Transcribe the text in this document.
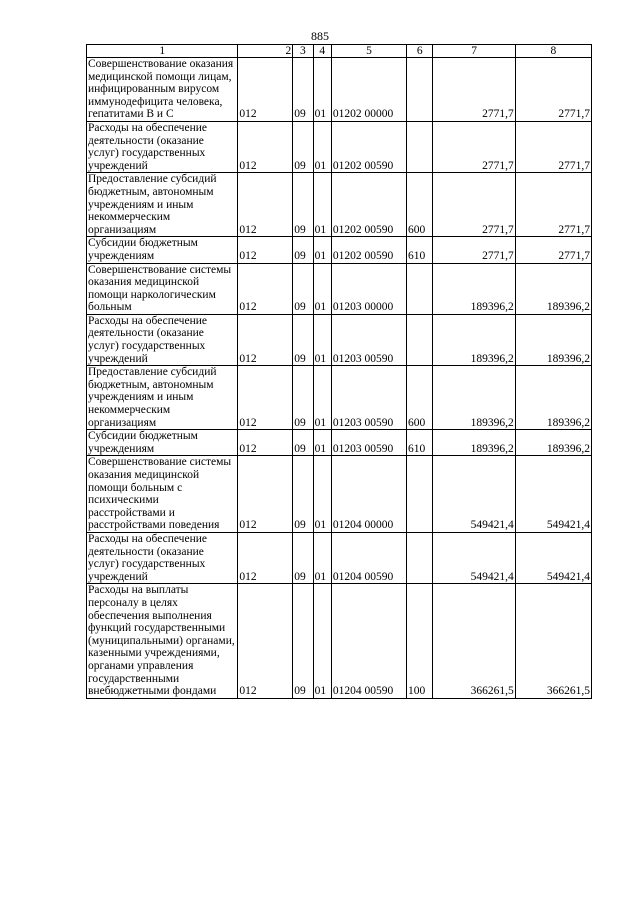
885
1	2	3	4	5	6	7	8
Совершенствование оказания медицинской помощи лицам, инфицированным вирусом иммунодефицита человека, гепатитами В и С	012	09	01	01202 00000		2771,7	2771,7
Расходы на обеспечение деятельности (оказание услуг) государственных учреждений	012	09	01	01202 00590		2771,7	2771,7
Предоставление субсидий бюджетным, автономным учреждениям и иным некоммерческим организациям	012	09	01	01202 00590	600	2771,7	2771,7
Субсидии бюджетным учреждениям	012	09	01	01202 00590	610	2771,7	2771,7
Совершенствование системы оказания медицинской помощи наркологическим больным	012	09	01	01203 00000		189396,2	189396,2
Расходы на обеспечение деятельности (оказание услуг) государственных учреждений	012	09	01	01203 00590		189396,2	189396,2
Предоставление субсидий бюджетным, автономным учреждениям и иным некоммерческим организациям	012	09	01	01203 00590	600	189396,2	189396,2
Субсидии бюджетным учреждениям	012	09	01	01203 00590	610	189396,2	189396,2
Совершенствование системы оказания медицинской помощи больным с психическими расстройствами и расстройствами поведения	012	09	01	01204 00000		549421,4	549421,4
Расходы на обеспечение деятельности (оказание услуг) государственных учреждений	012	09	01	01204 00590		549421,4	549421,4
Расходы на выплаты персоналу в целях обеспечения выполнения функций государственными (муниципальными) органами, казенными учреждениями, органами управления государственными внебюджетными фондами	012	09	01	01204 00590	100	366261,5	366261,5
